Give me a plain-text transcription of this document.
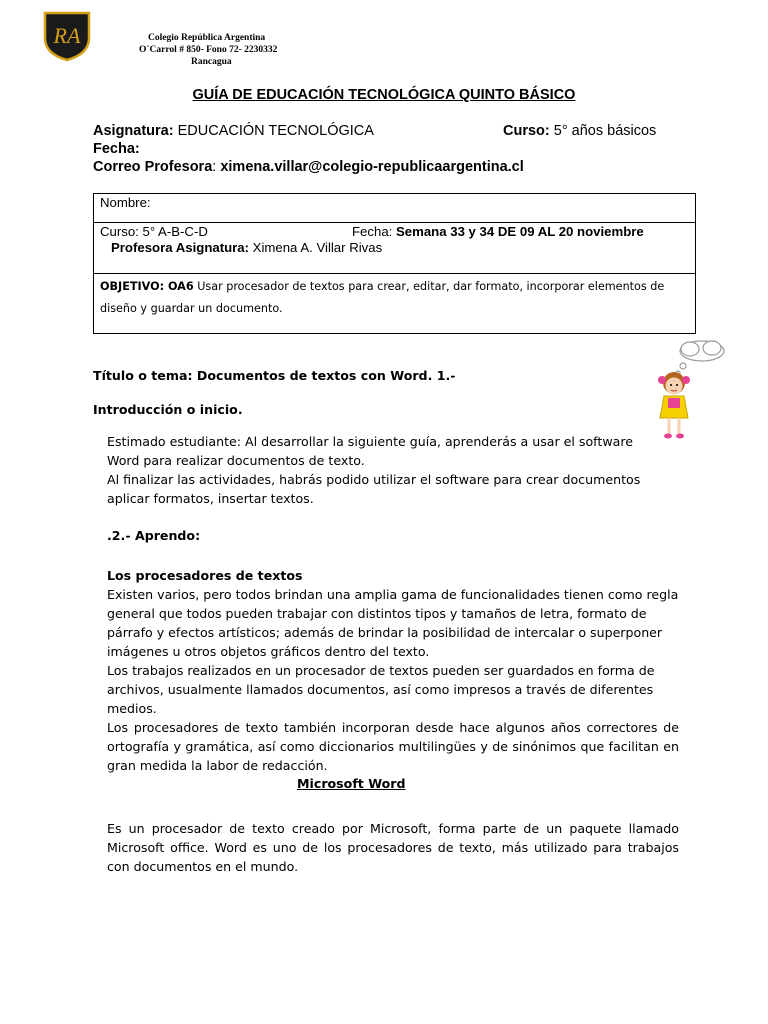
RA	Colegio República Argentina
O´Carrol # 850- Fono 72- 2230332
Rancagua
GUÍA DE EDUCACIÓN TECNOLÓGICA QUINTO BÁSICO
Asignatura: EDUCACIÓN TECNOLÓGICA	Curso: 5° años básicos
Fecha:
Correo Profesora: ximena.villar@colegio-republicaargentina.cl
Nombre:
Curso: 5° A-B-C-D	Fecha: Semana 33 y 34 DE 09 AL 20 noviembre
Profesora Asignatura: Ximena A. Villar Rivas
OBJETIVO: OA6 Usar procesador de textos para crear, editar, dar formato, incorporar elementos de diseño y guardar un documento.
Título o tema: Documentos de textos con Word. 1.-
Introducción o inicio.

Estimado estudiante: Al desarrollar la siguiente guía, aprenderás a usar el software Word para realizar documentos de texto.

Al finalizar las actividades, habrás podido utilizar el software para crear documentos aplicar formatos, insertar textos.

.2.- Aprendo:

Los procesadores de textos

Existen varios, pero todos brindan una amplia gama de funcionalidades tienen como regla general que todos pueden trabajar con distintos tipos y tamaños de letra, formato de párrafo y efectos artísticos; además de brindar la posibilidad de intercalar o superponer imágenes u otros objetos gráficos dentro del texto.

Los trabajos realizados en un procesador de textos pueden ser guardados en forma de archivos, usualmente llamados documentos, así como impresos a través de diferentes medios.

Los procesadores de texto también incorporan desde hace algunos años correctores de ortografía y gramática, así como diccionarios multilingües y de sinónimos que facilitan en gran medida la labor de redacción.

Microsoft Word
Es un procesador de texto creado por Microsoft, forma parte de un paquete llamado Microsoft office. Word es uno de los procesadores de texto, más utilizado para trabajos con documentos en el mundo.
